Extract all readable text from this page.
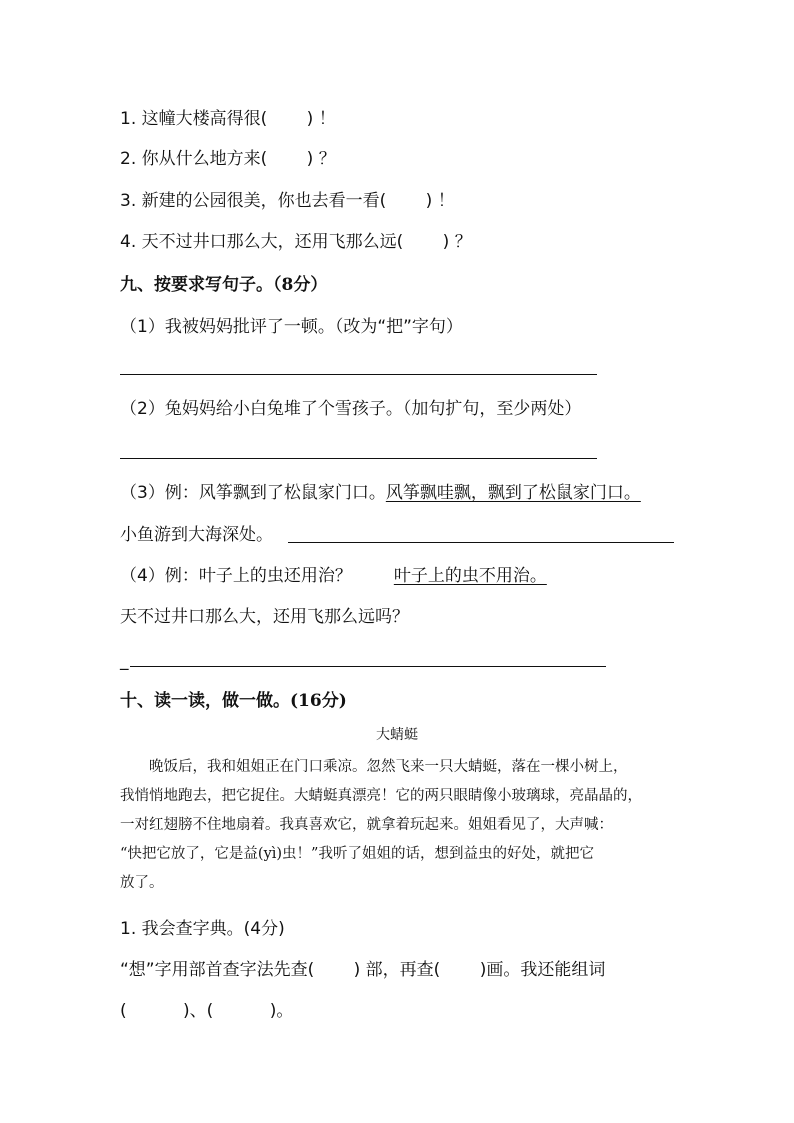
1. 这幢大楼高得很(　　 ) ！
2. 你从什么地方来(　　 ) ？
3. 新建的公园很美，你也去看一看(　　 ) ！
4. 天不过井口那么大，还用飞那么远(　　 ) ？
九、按要求写句子。（8分）
（1）我被妈妈批评了一顿。（改为“把”字句）
（2）兔妈妈给小白兔堆了个雪孩子。（加句扩句，至少两处）
（3）例：风筝飘到了松鼠家门口。风筝飘哇飘，飘到了松鼠家门口。
小鱼游到大海深处。
（4）例：叶子上的虫还用治？ 叶子上的虫不用治。
天不过井口那么大，还用飞那么远吗？
_
十、读一读，做一做。(16分)
大蜻蜓
晚饭后，我和姐姐正在门口乘凉。忽然飞来一只大蜻蜓，落在一棵小树上，
我悄悄地跑去，把它捉住。大蜻蜓真漂亮！它的两只眼睛像小玻璃球，亮晶晶的，
一对红翅膀不住地扇着。我真喜欢它，就拿着玩起来。姐姐看见了，大声喊：
“快把它放了，它是益(yì)虫！”我听了姐姐的话，想到益虫的好处，就把它
放了。
1. 我会查字典。(4分)
“想”字用部首查字法先查(　　 ) 部，再查(　　 )画。我还能组词
(　　　 )、(　　　 )。
